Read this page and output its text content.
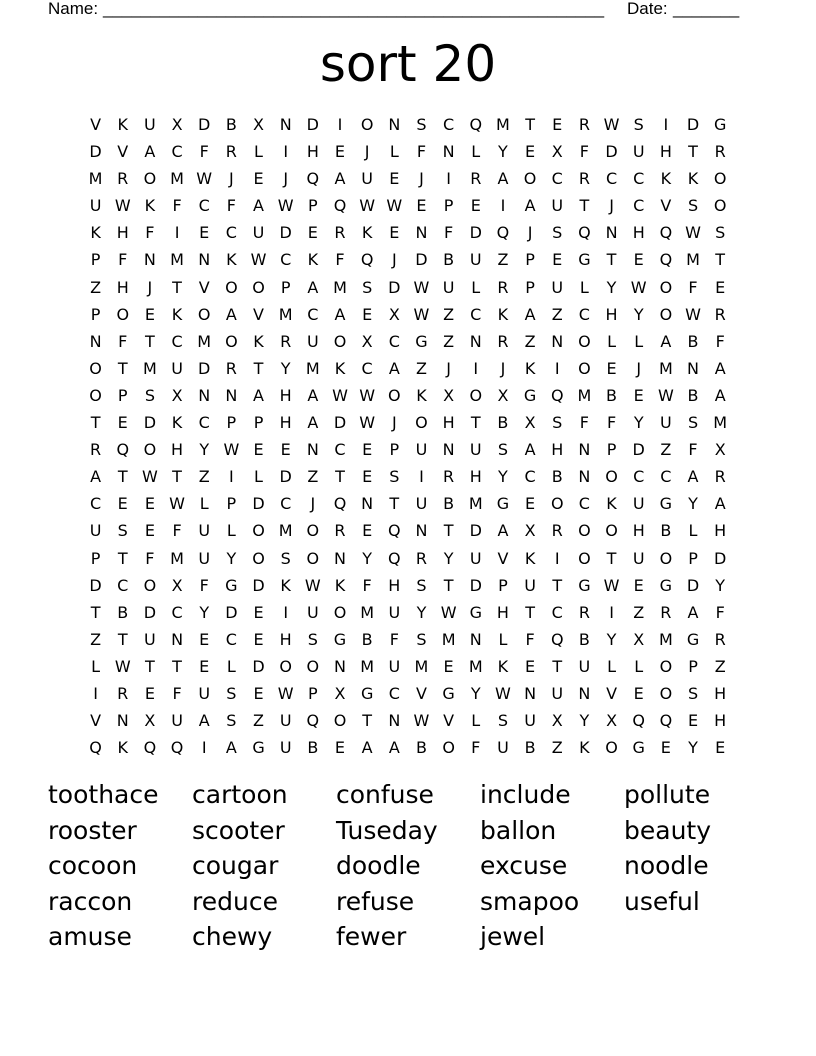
Name: _____________________________________________________ Date: _______
sort 20
V	K	U X D B	X N D	I	O N	S	C Q M T	E	R W S	I	D G
D V	A	C	F	R	L	I	H	E	J	L	F	N	L	Y	E	X	F	D U H	T	R
M R O M W	J	E	J	Q A U	E	J	I	R	A O C	R	C C	K	K O
U W K	F	C	F	A W P	Q W W E	P	E	I	A U	T	J	C	V	S O
K H	F	I	E	C U D E	R	K	E	N	F	D Q	J	S Q N H Q W S
P	F	N M N K W C	K	F	Q	J	D B U Z	P	E G	T	E Q M T
Z H	J	T	V O O	P	A M S D W U	L	R	P	U	L	Y W O	F	E
P	O E	K O A	V M C	A	E	X W Z	C	K	A	Z	C H	Y O W R
N	F	T	C M O K	R U O X	C G Z N R	Z N O	L	L	A	B	F
O T M U D R	T	Y M K	C	A	Z	J	I	J	K	I	O E	J	M N A
O	P	S	X N N A H A W W O K	X O X G Q M B	E W B	A
T	E D K	C	P	P	H A D W	J	O H	T	B	X	S	F	F	Y	U	S M
R Q O H	Y W E	E	N C	E	P	U N U	S	A H N	P	D Z	F	X
A	T W T	Z	I	L	D Z	T	E	S	I	R H	Y	C	B N O C C	A	R
C	E	E W L	P	D C	J	Q N	T	U B M G E O C	K	U G	Y	A
U	S	E	F	U	L	O M O R	E Q N	T	D A	X	R O O H B	L	H
P	T	F M U	Y O S O N	Y Q R	Y	U V	K	I	O T	U O	P	D
D C O X	F	G D K W K	F	H	S	T	D	P	U	T	G W E G D	Y
T	B D C	Y	D E	I	U O M U	Y W G H	T	C	R	I	Z	R	A	F
Z	T	U N	E	C	E	H	S G B	F	S M N	L	F	Q B	Y	X M G R
L W T	T	E	L	D O O N M U M E M K	E	T	U	L	L	O	P	Z
I	R	E	F	U	S	E W P	X G C	V G	Y W N U N V	E O S	H
V N X U A	S	Z U Q O T	N W V	L	S	U X	Y	X Q Q E	H
Q K Q Q	I	A G U B	E	A	A	B O	F	U B	Z	K O G E	Y	E
toothace	cartoon	confuse	include	pollute
rooster	scooter	Tuseday	ballon	beauty
cocoon	cougar	doodle	excuse	noodle
raccon	reduce	refuse	smapoo	useful
amuse	chewy	fewer	jewel
